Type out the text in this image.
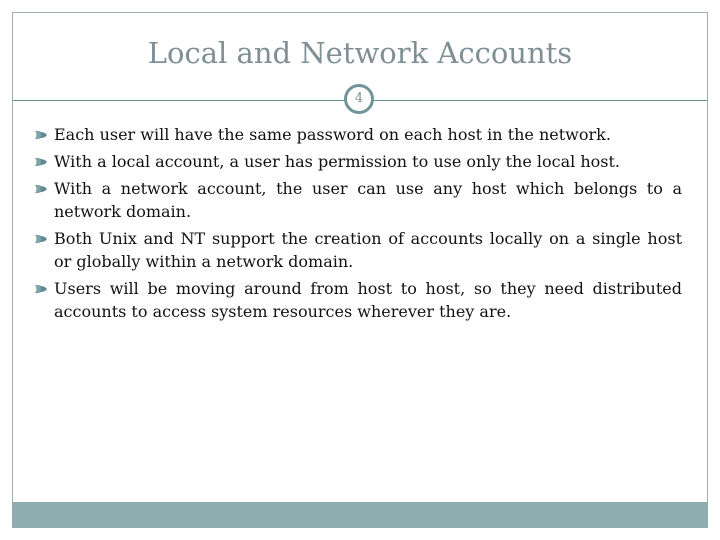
Local and Network Accounts
4
Each user will have the same password on each host in the network.
With a local account, a user has permission to use only the local host.
With a network account, the user can use any host which belongs to a network domain.
Both Unix and NT support the creation of accounts locally on a single host or globally within a network domain.
Users will be moving around from host to host, so they need distributed accounts to access system resources wherever they are.
